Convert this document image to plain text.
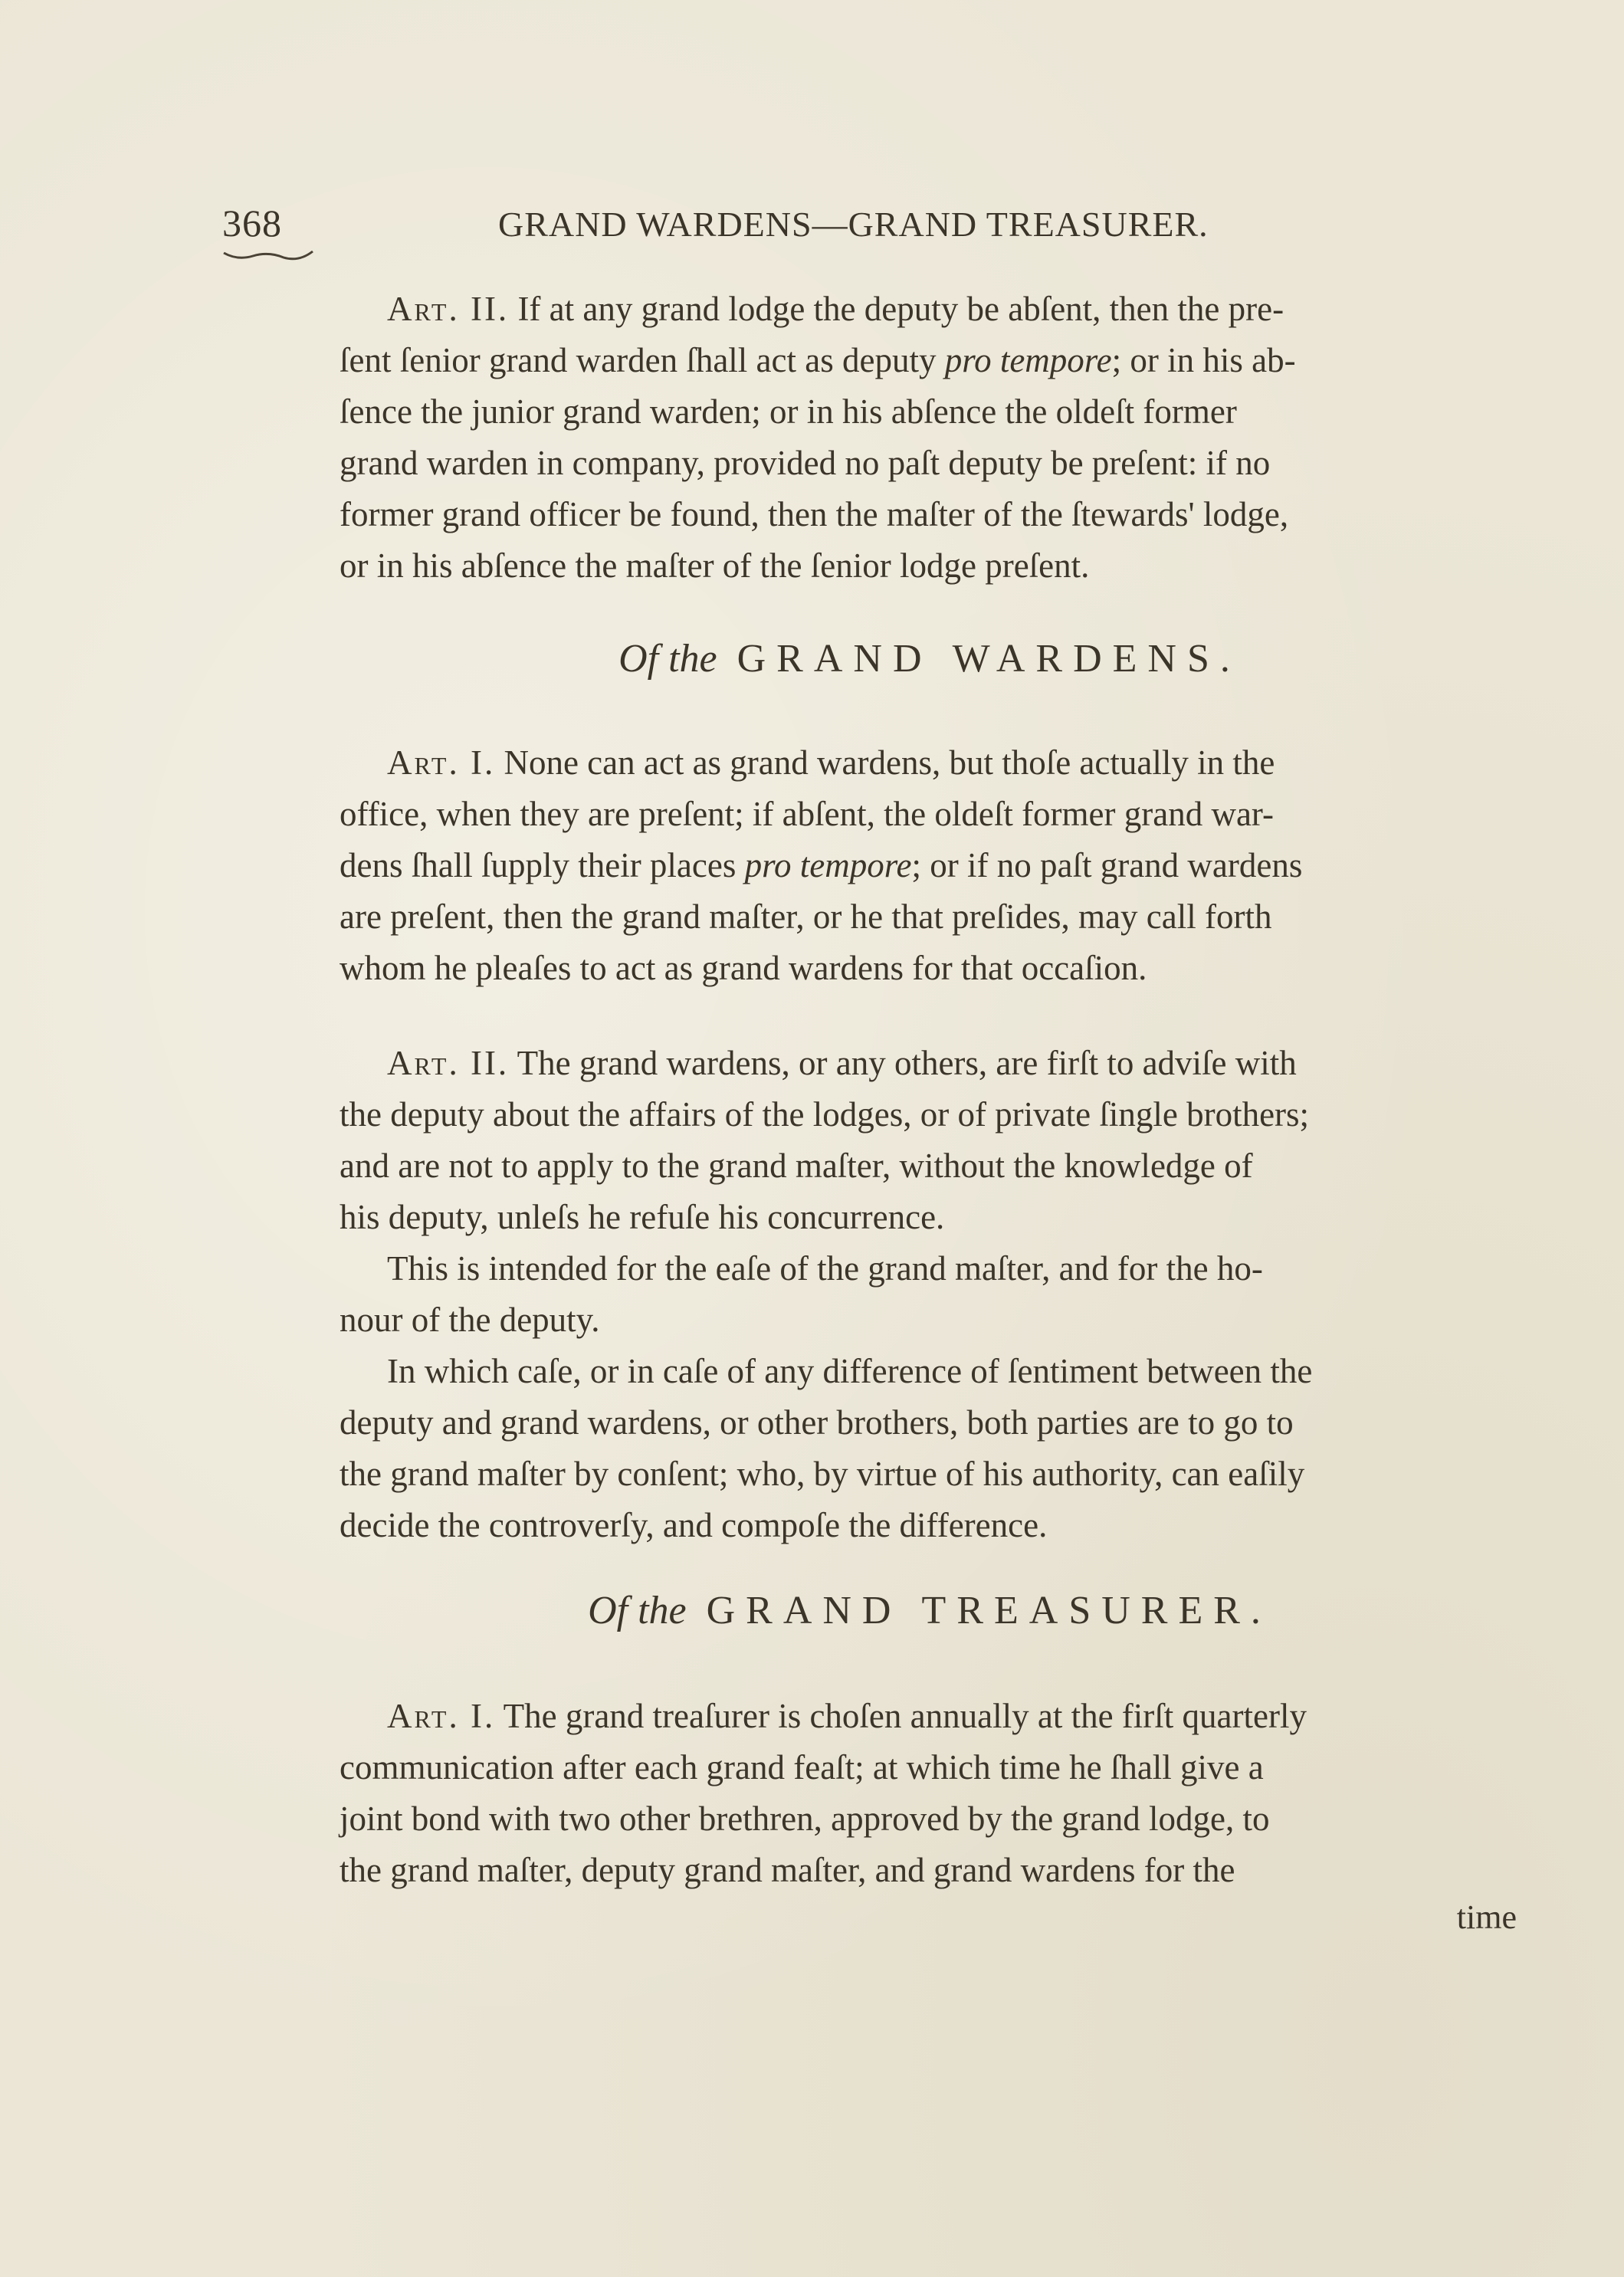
368	GRAND WARDENS—GRAND TREASURER.

Art. II. If at any grand lodge the deputy be abſent, then the pre-

ſent ſenior grand warden ſhall act as deputy pro tempore; or in his ab-

ſence the junior grand warden; or in his abſence the oldeſt former

grand warden in company, provided no paſt deputy be preſent: if no

former grand officer be found, then the maſter of the ſtewards' lodge,

or in his abſence the maſter of the ſenior lodge preſent.

Of the GRAND WARDENS.

Art. I. None can act as grand wardens, but thoſe actually in the

office, when they are preſent; if abſent, the oldeſt former grand war-

dens ſhall ſupply their places pro tempore; or if no paſt grand wardens

are preſent, then the grand maſter, or he that preſides, may call forth

whom he pleaſes to act as grand wardens for that occaſion.

Art. II. The grand wardens, or any others, are firſt to adviſe with

the deputy about the affairs of the lodges, or of private ſingle brothers;

and are not to apply to the grand maſter, without the knowledge of

his deputy, unleſs he refuſe his concurrence.

This is intended for the eaſe of the grand maſter, and for the ho-

nour of the deputy.

In which caſe, or in caſe of any difference of ſentiment between the

deputy and grand wardens, or other brothers, both parties are to go to

the grand maſter by conſent; who, by virtue of his authority, can eaſily

decide the controverſy, and compoſe the difference.

Of the GRAND TREASURER.

Art. I. The grand treaſurer is choſen annually at the firſt quarterly

communication after each grand feaſt; at which time he ſhall give a

joint bond with two other brethren, approved by the grand lodge, to

the grand maſter, deputy grand maſter, and grand wardens for the

time
